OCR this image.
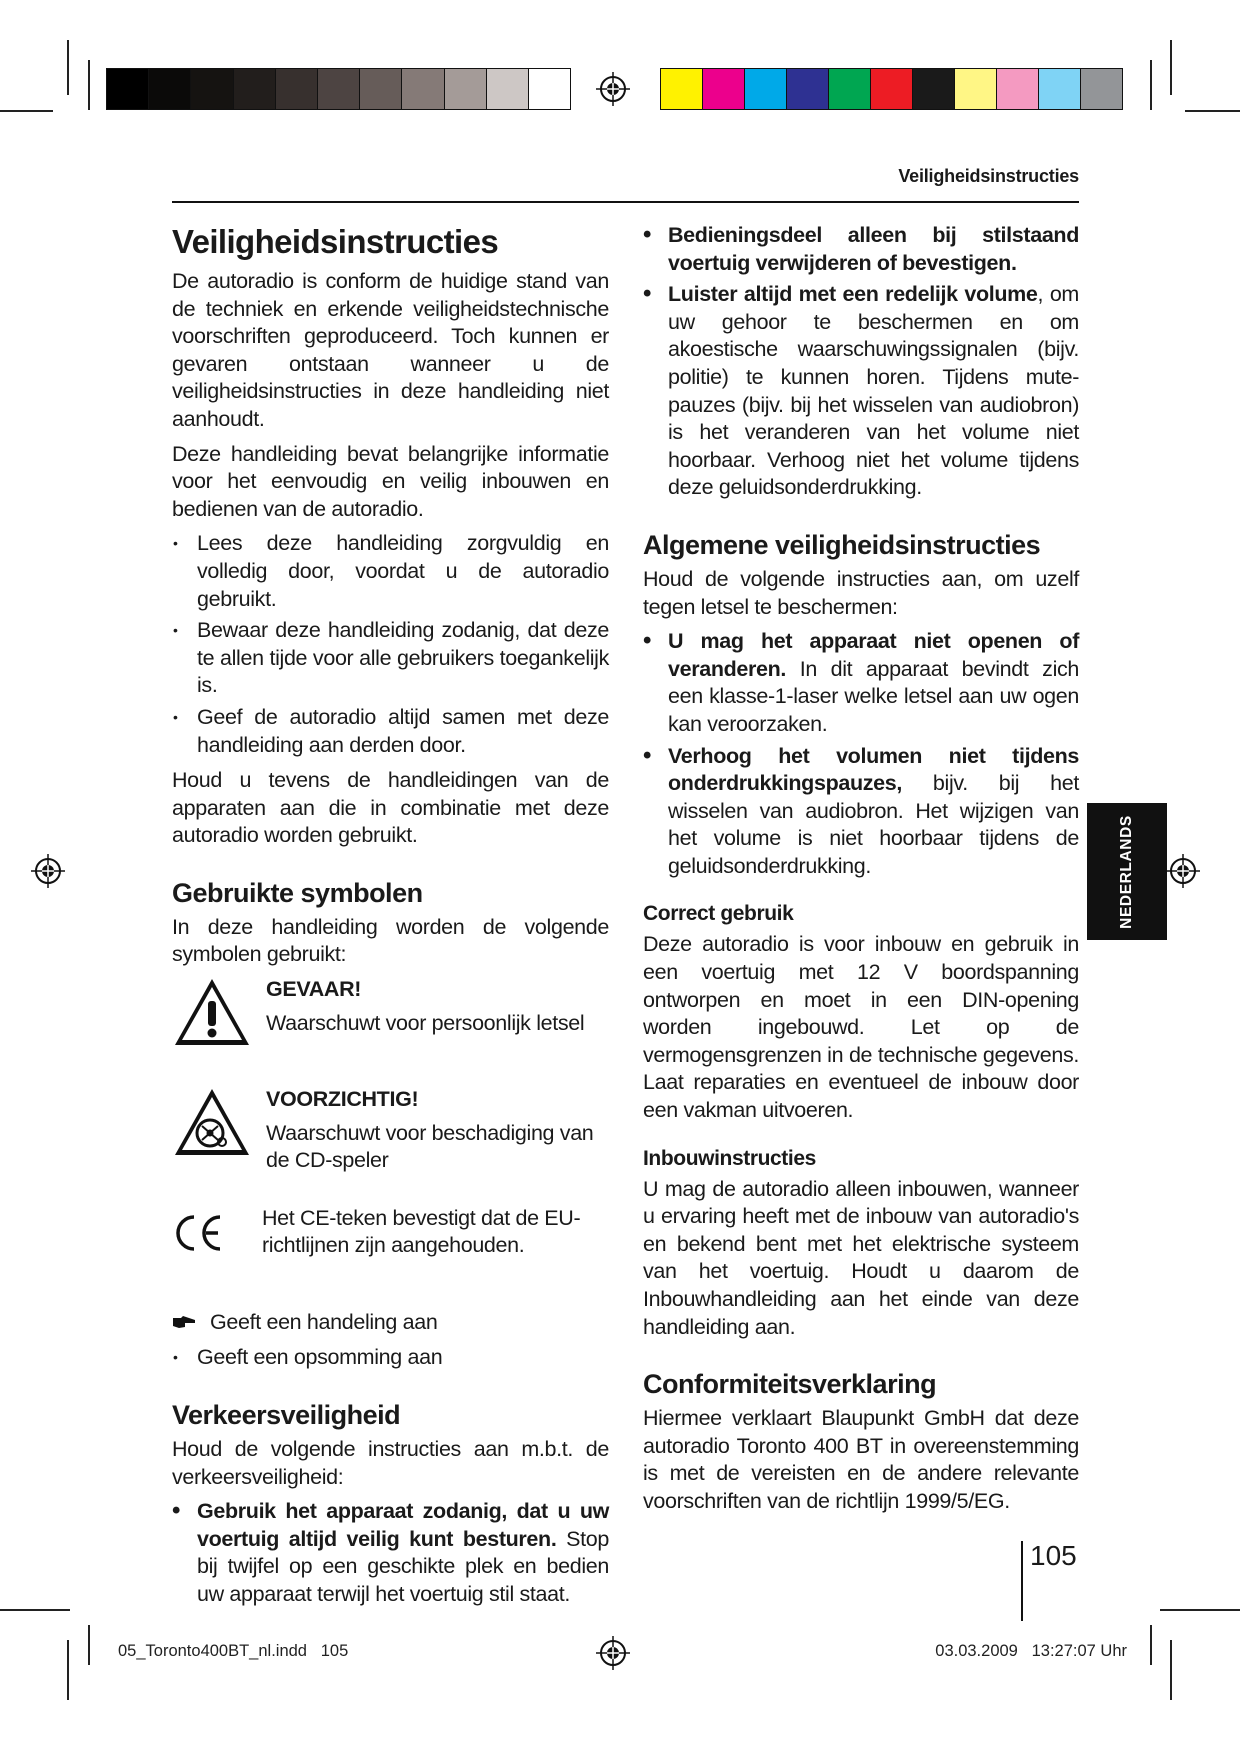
Veiligheidsinstructies
Veiligheidsinstructies

De autoradio is conform de huidige stand van de techniek en erkende veiligheidstechnische voorschriften geproduceerd. Toch kunnen er gevaren ontstaan wanneer u de veiligheidsinstructies in deze handleiding niet aanhoudt.

Deze handleiding bevat belangrijke informatie voor het eenvoudig en veilig inbouwen en bedienen van de autoradio.

• Lees deze handleiding zorgvuldig en volledig door, voordat u de autoradio gebruikt.
• Bewaar deze handleiding zodanig, dat deze te allen tijde voor alle gebruikers toegankelijk is.
• Geef de autoradio altijd samen met deze handleiding aan derden door.

Houd u tevens de handleidingen van de apparaten aan die in combinatie met deze autoradio worden gebruikt.

Gebruikte symbolen

In deze handleiding worden de volgende symbolen gebruikt:

GEVAAR!
Waarschuwt voor persoonlijk letsel
VOORZICHTIG!
Waarschuwt voor beschadiging van de CD-speler
Het CE-teken bevestigt dat de EU-richtlijnen zijn aangehouden.
Geeft een handeling aan
• Geeft een opsomming aan
Verkeersveiligheid

Houd de volgende instructies aan m.b.t. de verkeersveiligheid:

• Gebruik het apparaat zodanig, dat u uw voertuig altijd veilig kunt besturen. Stop bij twijfel op een geschikte plek en bedien uw apparaat terwijl het voertuig stil staat.
• Bedieningsdeel alleen bij stilstaand voertuig verwijderen of bevestigen.
• Luister altijd met een redelijk volume, om uw gehoor te beschermen en om akoestische waarschuwingssignalen (bijv. politie) te kunnen horen. Tijdens mute-pauzes (bijv. bij het wisselen van audiobron) is het veranderen van het volume niet hoorbaar. Verhoog niet het volume tijdens deze geluidsonderdrukking.
Algemene veiligheidsinstructies

Houd de volgende instructies aan, om uzelf tegen letsel te beschermen:

• U mag het apparaat niet openen of veranderen. In dit apparaat bevindt zich een klasse-1-laser welke letsel aan uw ogen kan veroorzaken.
• Verhoog het volumen niet tijdens onderdrukkingspauzes, bijv. bij het wisselen van audiobron. Het wijzigen van het volume is niet hoorbaar tijdens de geluidsonderdrukking.
Correct gebruik

Deze autoradio is voor inbouw en gebruik in een voertuig met 12 V boordspanning ontworpen en moet in een DIN-opening worden ingebouwd. Let op de vermogensgrenzen in de technische gegevens. Laat reparaties en eventueel de inbouw door een vakman uitvoeren.

Inbouwinstructies

U mag de autoradio alleen inbouwen, wanneer u ervaring heeft met de inbouw van autoradio's en bekend bent met het elektrische systeem van het voertuig. Houdt u daarom de Inbouwhandleiding aan het einde van deze handleiding aan.

Conformiteitsverklaring

Hiermee verklaart Blaupunkt GmbH dat deze autoradio Toronto 400 BT in overeenstemming is met de vereisten en de andere relevante voorschriften van de richtlijn 1999/5/EG.

NEDERLANDS
105
05_Toronto400BT_nl.indd   105	03.03.2009   13:27:07 Uhr
